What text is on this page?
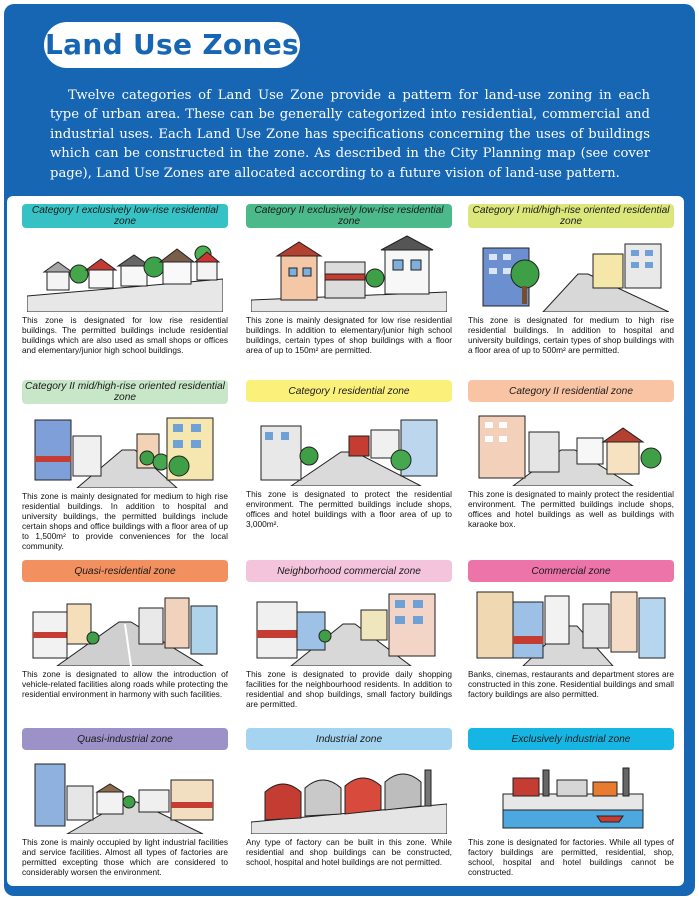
Land Use Zones
Twelve categories of Land Use Zone provide a pattern for land-use zoning in each type of urban area. These can be generally categorized into residential, commercial and industrial uses. Each Land Use Zone has specifications concerning the uses of buildings which can be constructed in the zone. As described in the City Planning map (see cover page), Land Use Zones are allocated according to a future vision of land-use pattern.
Category I exclusively low-rise residential zone
This zone is designated for low rise residential buildings. The permitted buildings include residential buildings which are also used as small shops or offices and elementary/junior high school buildings.
Category II exclusively low-rise residential zone
This zone is mainly designated for low rise residential buildings. In addition to elementary/junior high school buildings, certain types of shop buildings with a floor area of up to 150m² are permitted.
Category I mid/high-rise oriented residential zone
This zone is designated for medium to high rise residential buildings. In addition to hospital and university buildings, certain types of shop buildings with a floor area of up to 500m² are permitted.
Category II mid/high-rise oriented residential zone
This zone is mainly designated for medium to high rise residential buildings. In addition to hospital and university buildings, the permitted buildings include certain shops and office buildings with a floor area of up to 1,500m² to provide conveniences for the local community.
Category I residential zone
This zone is designated to protect the residential environment. The permitted buildings include shops, offices and hotel buildings with a floor area of up to 3,000m².
Category II residential zone
This zone is designated to mainly protect the residential environment. The permitted buildings include shops, offices and hotel buildings as well as buildings with karaoke box.
Quasi-residential zone
This zone is designated to allow the introduction of vehicle-related facilities along roads while protecting the residential environment in harmony with such facilities.
Neighborhood commercial zone
This zone is designated to provide daily shopping facilities for the neighbourhood residents. In addition to residential and shop buildings, small factory buildings are permitted.
Commercial zone
Banks, cinemas, restaurants and department stores are constructed in this zone. Residential buildings and small factory buildings are also permitted.
Quasi-industrial zone
This zone is mainly occupied by light industrial facilities and service facilities. Almost all types of factories are permitted excepting those which are considered to considerably worsen the environment.
Industrial zone
Any type of factory can be built in this zone. While residential and shop buildings can be constructed, school, hospital and hotel buildings are not permitted.
Exclusively industrial zone
This zone is designated for factories. While all types of factory buildings are permitted, residential, shop, school, hospital and hotel buildings cannot be constructed.
